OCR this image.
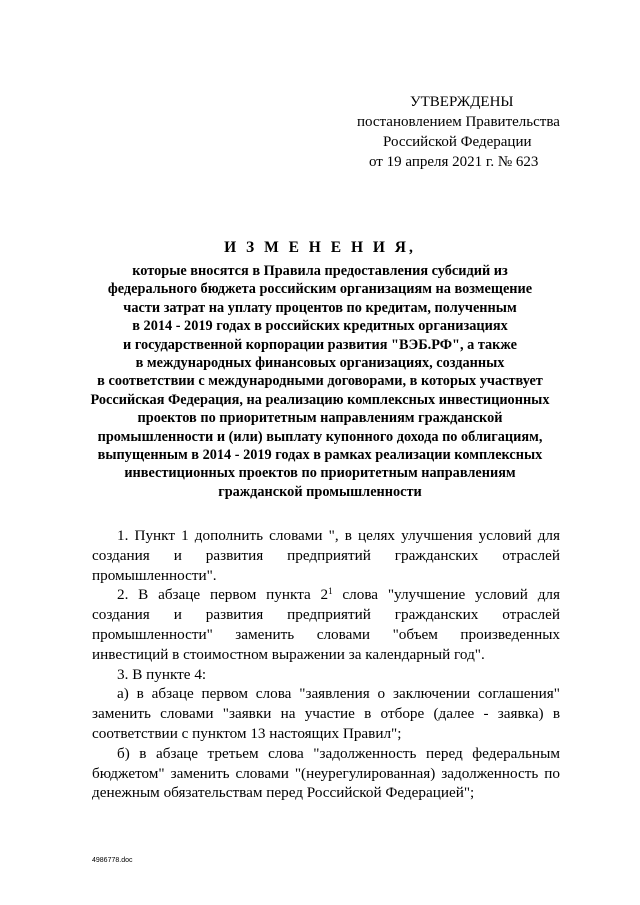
УТВЕРЖДЕНЫ
постановлением Правительства
Российской Федерации
от 19 апреля 2021 г. № 623
И З М Е Н Е Н И Я,
которые вносятся в Правила предоставления субсидий из
федерального бюджета российским организациям на возмещение
части затрат на уплату процентов по кредитам, полученным
в 2014 - 2019 годах в российских кредитных организациях
и государственной корпорации развития "ВЭБ.РФ", а также
в международных финансовых организациях, созданных
в соответствии с международными договорами, в которых участвует
Российская Федерация, на реализацию комплексных инвестиционных
проектов по приоритетным направлениям гражданской
промышленности и (или) выплату купонного дохода по облигациям,
выпущенным в 2014 - 2019 годах в рамках реализации комплексных
инвестиционных проектов по приоритетным направлениям
гражданской промышленности

1. Пункт 1 дополнить словами ", в целях улучшения условий для создания и развития предприятий гражданских отраслей промышленности".

2. В абзаце первом пункта $2^1$ слова "улучшение условий для создания и развития предприятий гражданских отраслей промышленности" заменить словами "объем произведенных инвестиций в стоимостном выражении за календарный год".

3. В пункте 4:

а) в абзаце первом слова "заявления о заключении соглашения" заменить словами "заявки на участие в отборе (далее - заявка) в соответствии с пунктом 13 настоящих Правил";

б) в абзаце третьем слова "задолженность перед федеральным бюджетом" заменить словами "(неурегулированная) задолженность по денежным обязательствам перед Российской Федерацией";

4986778.doc
